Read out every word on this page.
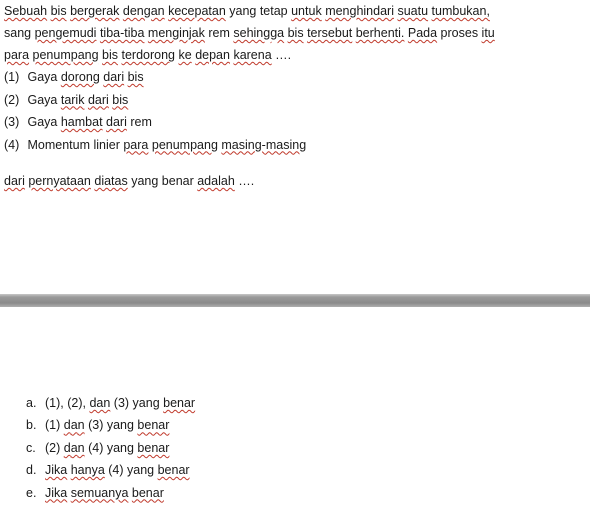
Sebuah bis bergerak dengan kecepatan yang tetap untuk menghindari suatu tumbukan,
sang pengemudi tiba-tiba menginjak rem sehingga bis tersebut berhenti. Pada proses itu
para penumpang bis terdorong ke depan karena ….
(1) Gaya dorong dari bis
(2) Gaya tarik dari bis
(3) Gaya hambat dari rem
(4) Momentum linier para penumpang masing-masing
dari pernyataan diatas yang benar adalah ….
a. (1), (2), dan (3) yang benar
b. (1) dan (3) yang benar
c. (2) dan (4) yang benar
d. Jika hanya (4) yang benar
e. Jika semuanya benar
